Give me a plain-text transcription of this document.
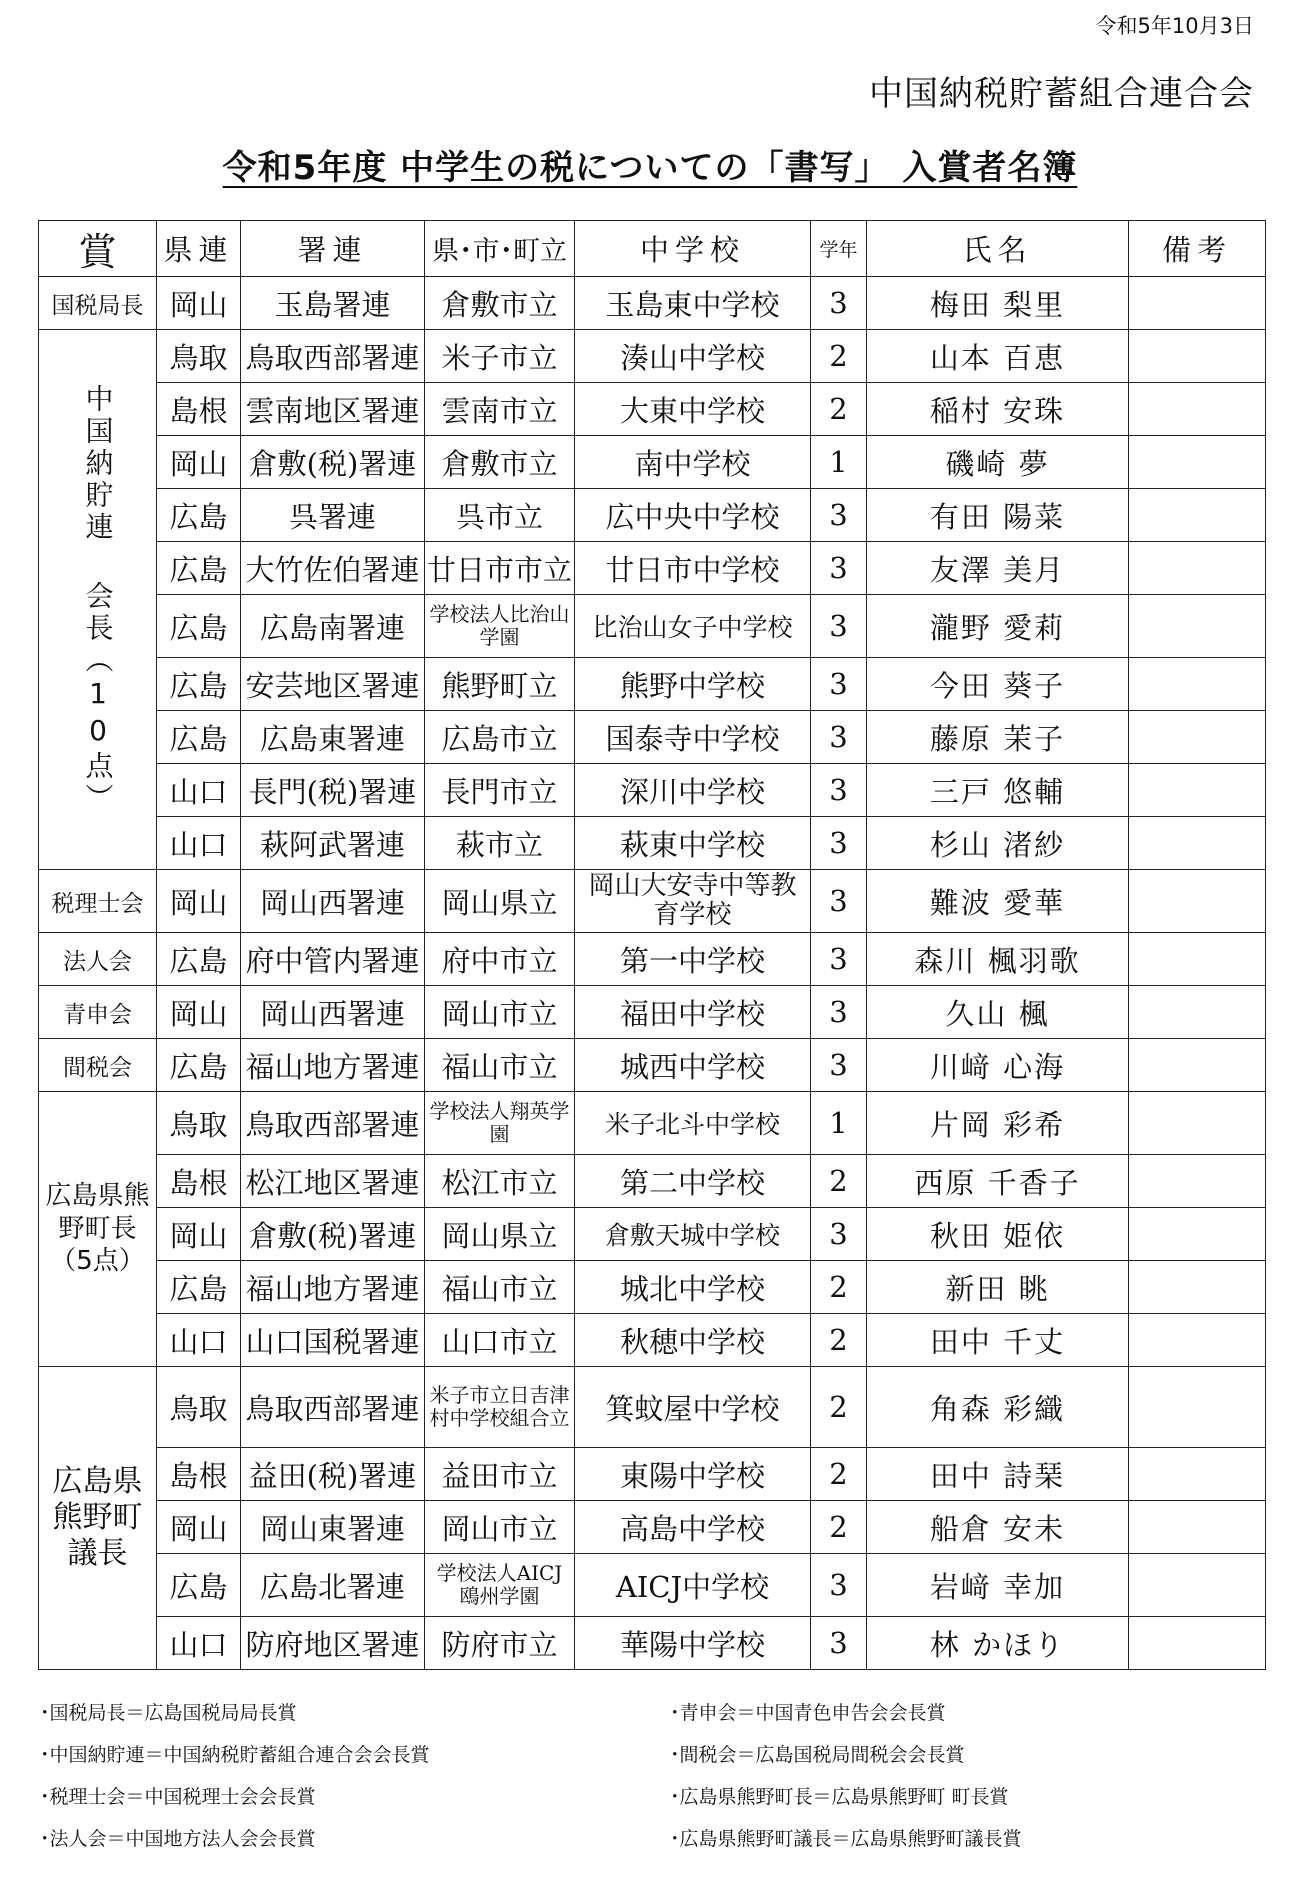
令和5年10月3日
中国納税貯蓄組合連合会
令和5年度 中学生の税についての「書写」 入賞者名簿
賞	県連	署連	県･市･町立	中学校	学年	氏名	備考
国税局長	岡山	玉島署連	倉敷市立	玉島東中学校	3	梅田 梨里	
中国納貯連 会長（10点）	鳥取	鳥取西部署連	米子市立	湊山中学校	2	山本 百恵	
	島根	雲南地区署連	雲南市立	大東中学校	2	稲村 安珠	
	岡山	倉敷(税)署連	倉敷市立	南中学校	1	磯崎 夢	
	広島	呉署連	呉市立	広中央中学校	3	有田 陽菜	
	広島	大竹佐伯署連	廿日市市立	廿日市中学校	3	友澤 美月	
	広島	広島南署連	学校法人比治山学園	比治山女子中学校	3	瀧野 愛莉	
	広島	安芸地区署連	熊野町立	熊野中学校	3	今田 葵子	
	広島	広島東署連	広島市立	国泰寺中学校	3	藤原 茉子	
	山口	長門(税)署連	長門市立	深川中学校	3	三戸 悠輔	
	山口	萩阿武署連	萩市立	萩東中学校	3	杉山 渚紗	
税理士会	岡山	岡山西署連	岡山県立	岡山大安寺中等教育学校	3	難波 愛華	
法人会	広島	府中管内署連	府中市立	第一中学校	3	森川 楓羽歌	
青申会	岡山	岡山西署連	岡山市立	福田中学校	3	久山 楓	
間税会	広島	福山地方署連	福山市立	城西中学校	3	川﨑 心海	
広島県熊野町長（5点）	鳥取	鳥取西部署連	学校法人翔英学園	米子北斗中学校	1	片岡 彩希	
	島根	松江地区署連	松江市立	第二中学校	2	西原 千香子	
	岡山	倉敷(税)署連	岡山県立	倉敷天城中学校	3	秋田 姫依	
	広島	福山地方署連	福山市立	城北中学校	2	新田 眺	
	山口	山口国税署連	山口市立	秋穂中学校	2	田中 千丈	
広島県熊野町議長	鳥取	鳥取西部署連	米子市立日吉津村中学校組合立	箕蚊屋中学校	2	角森 彩織	
	島根	益田(税)署連	益田市立	東陽中学校	2	田中 詩琹	
	岡山	岡山東署連	岡山市立	高島中学校	2	船倉 安未	
	広島	広島北署連	学校法人AICJ鴎州学園	AICJ中学校	3	岩﨑 幸加	
	山口	防府地区署連	防府市立	華陽中学校	3	林 かほり	
･国税局長＝広島国税局局長賞
･中国納貯連＝中国納税貯蓄組合連合会会長賞
･税理士会＝中国税理士会会長賞
･法人会＝中国地方法人会会長賞
･青申会＝中国青色申告会会長賞
･間税会＝広島国税局間税会会長賞
･広島県熊野町長＝広島県熊野町 町長賞
･広島県熊野町議長＝広島県熊野町議長賞
